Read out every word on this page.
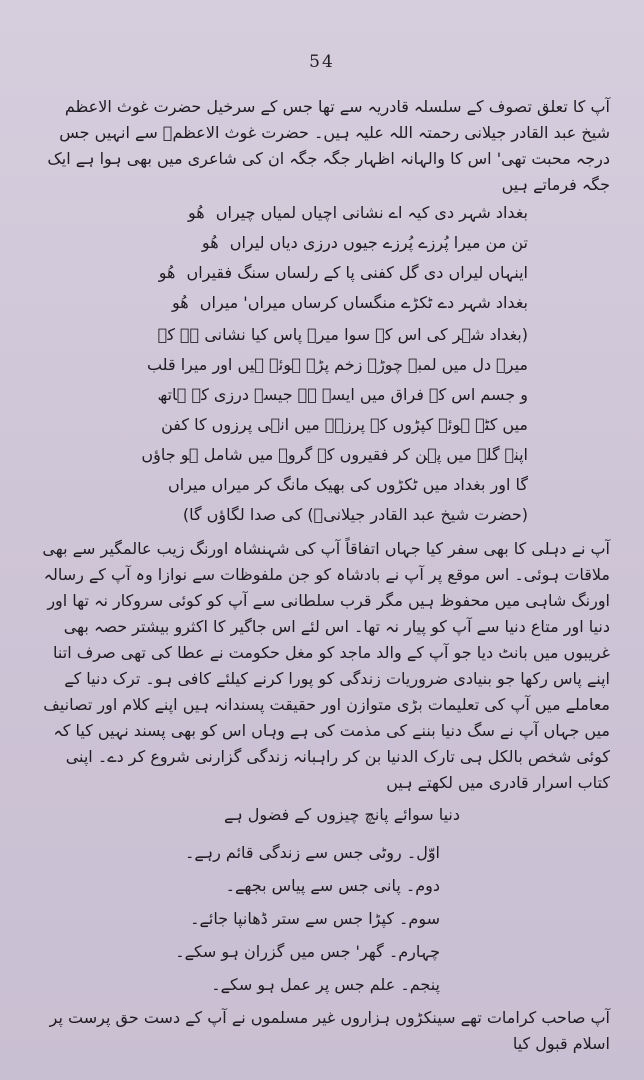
54

آپ کا تعلق تصوف کے سلسلہ قادریہ سے تھا جس کے سرخیل حضرت غوث الاعظم شیخ عبد القادر جیلانی رحمتہ اللہ علیہ ہیں۔ حضرت غوث الاعظمؒ سے انہیں جس درجہ محبت تھی' اس کا والہانہ اظہار جگہ جگہ ان کی شاعری میں بھی ہوا ہے ایک جگہ فرماتے ہیں

بغداد شہر دی کیہ اے نشانی اچیاں لمیاں چیراں ھُو
تن من میرا پُرزے پُرزے جیوں درزی دیاں لیراں ھُو
اینہاں لیراں دی گل کفنی پا کے رلساں سنگ فقیراں ھُو
بغداد شہر دے ٹکڑے منگساں کرساں میراں' میراں ھُو

(بغداد شہر کی اس کے سوا میرے پاس کیا نشانی ہے کہ میرے دل میں لمبے چوڑے زخم پڑے ہوئے ہیں اور میرا قلب و جسم اس کے فراق میں ایسے ہے جیسے درزی کے ہاتھ میں کٹے ہوئے کپڑوں کے پرزے۔ میں انہی پرزوں کا کفن اپنے گلے میں پہن کر فقیروں کے گروہ میں شامل ہو جاؤں گا اور بغداد میں ٹکڑوں کی بھیک مانگ کر میراں میراں (حضرت شیخ عبد القادر جیلانیؒ) کی صدا لگاؤں گا)

آپ نے دہلی کا بھی سفر کیا جہاں اتفاقاً آپ کی شہنشاہ اورنگ زیب عالمگیر سے بھی ملاقات ہوئی۔ اس موقع پر آپ نے بادشاہ کو جن ملفوظات سے نوازا وہ آپ کے رسالہ اورنگ شاہی میں محفوظ ہیں مگر قرب سلطانی سے آپ کو کوئی سروکار نہ تھا اور دنیا اور متاع دنیا سے آپ کو پیار نہ تھا۔ اس لئے اس جاگیر کا اکثرو بیشتر حصہ بھی غریبوں میں بانٹ دیا جو آپ کے والد ماجد کو مغل حکومت نے عطا کی تھی صرف اتنا اپنے پاس رکھا جو بنیادی ضروریات زندگی کو پورا کرنے کیلئے کافی ہو۔ ترک دنیا کے معاملے میں آپ کی تعلیمات بڑی متوازن اور حقیقت پسندانہ ہیں اپنے کلام اور تصانیف میں جہاں آپ نے سگ دنیا بننے کی مذمت کی ہے وہاں اس کو بھی پسند نہیں کیا کہ کوئی شخص بالکل ہی تارک الدنیا بن کر راہبانہ زندگی گزارنی شروع کر دے۔ اپنی کتاب اسرار قادری میں لکھتے ہیں

دنیا سوائے پانچ چیزوں کے فضول ہے
اوّل۔ روٹی جس سے زندگی قائم رہے۔
دوم۔ پانی جس سے پیاس بجھے۔
سوم۔ کپڑا جس سے ستر ڈھانپا جائے۔
چہارم۔ گھر' جس میں گزران ہو سکے۔
پنجم۔ علم جس پر عمل ہو سکے۔

آپ صاحب کرامات تھے سینکڑوں ہزاروں غیر مسلموں نے آپ کے دست حق پرست پر اسلام قبول کیا
